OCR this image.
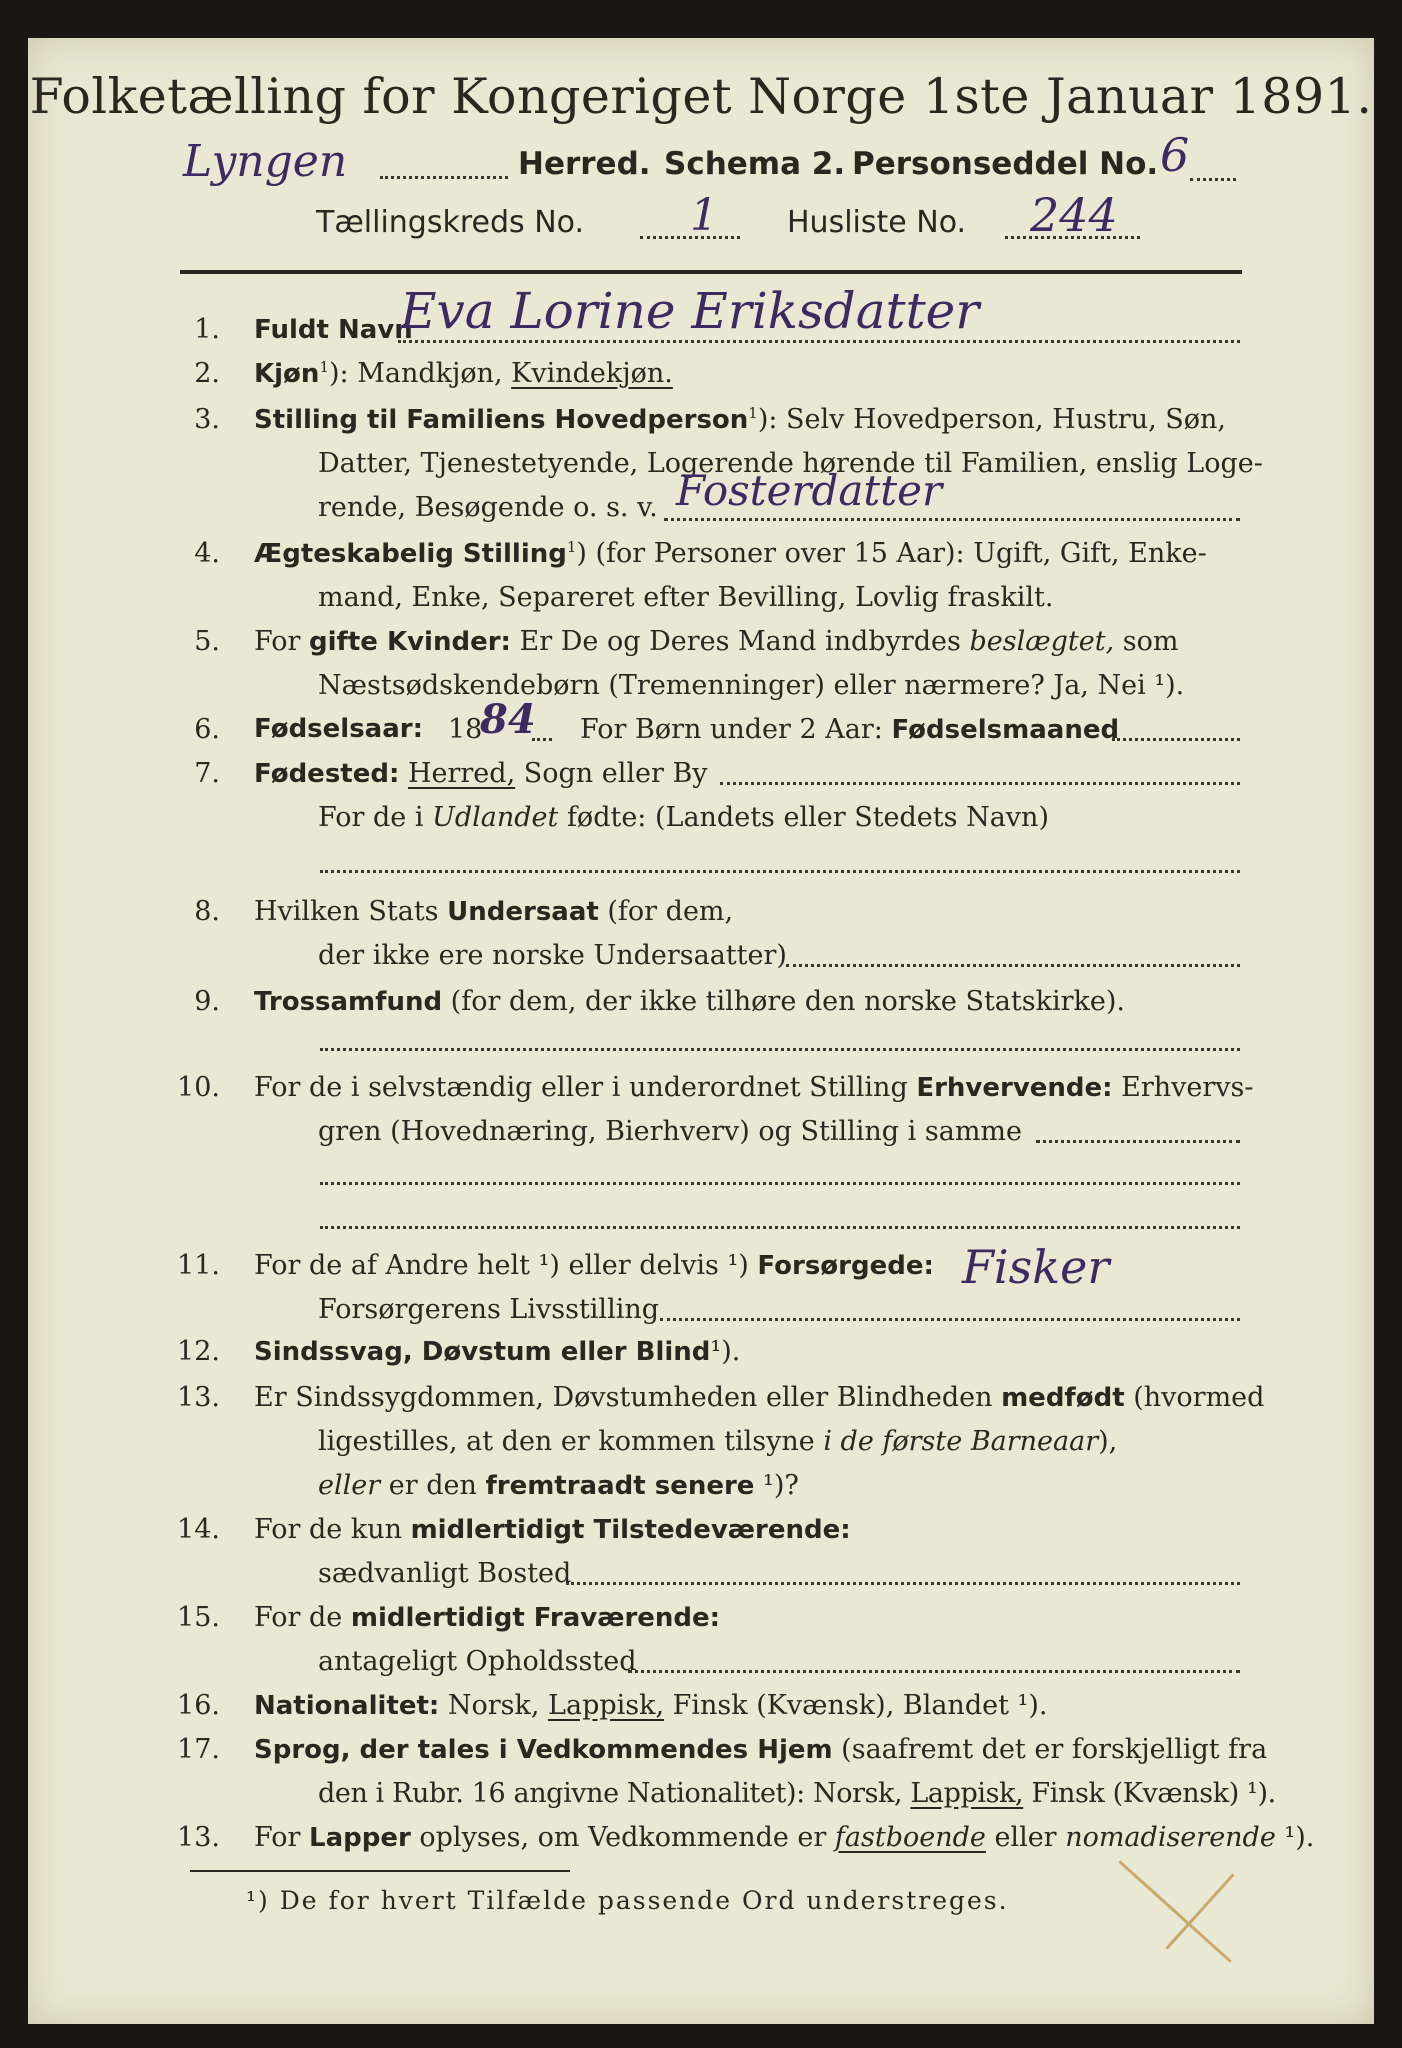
Folketælling for Kongeriget Norge 1ste Januar 1891.
Lyngen	Herred. Schema 2. Personseddel No. 6
Tællingskreds No. 1 Husliste No. 244
1. Fuldt Navn
Eva Lorine Eriksdatter
2. Kjøn$^1$): Mandkjøn, Kvindekjøn.
3. Stilling til Familiens Hovedperson$^1$): Selv Hovedperson, Hustru, Søn,
Datter, Tjenestetyende, Logerende hørende til Familien, enslig Loge-
rende, Besøgende o. s. v. Fosterdatter
4. Ægteskabelig Stilling$^1$) (for Personer over 15 Aar): Ugift, Gift, Enke-
mand, Enke, Separeret efter Bevilling, Lovlig fraskilt.
5. For gifte Kvinder: Er De og Deres Mand indbyrdes beslægtet, som
Næstsødskendebørn (Tremenninger) eller nærmere? Ja, Nei ¹).
6. Fødselsaar: 18
84 For Børn under 2 Aar: Fødselsmaaned
7. Fødested: Herred, Sogn eller By
For de i Udlandet fødte: (Landets eller Stedets Navn)
8. Hvilken Stats Undersaat (for dem,
der ikke ere norske Undersaatter)
9. Trossamfund (for dem, der ikke tilhøre den norske Statskirke).
10. For de i selvstændig eller i underordnet Stilling Erhvervende: Erhvervs-
gren (Hovednæring, Bierhverv) og Stilling i samme
11. For de af Andre helt ¹) eller delvis ¹) Forsørgede:
Forsørgerens Livsstilling
Fisker
12. Sindssvag, Døvstum eller Blind¹).
13. Er Sindssygdommen, Døvstumheden eller Blindheden medfødt (hvormed
ligestilles, at den er kommen tilsyne i de første Barneaar),
eller er den fremtraadt senere ¹)?
14. For de kun midlertidigt Tilstedeværende:
sædvanligt Bosted
15. For de midlertidigt Fraværende:
antageligt Opholdssted
16. Nationalitet: Norsk, Lappisk, Finsk (Kvænsk), Blandet ¹).
17. Sprog, der tales i Vedkommendes Hjem (saafremt det er forskjelligt fra
den i Rubr. 16 angivne Nationalitet): Norsk, Lappisk, Finsk (Kvænsk) ¹).
13. For Lapper oplyses, om Vedkommende er fastboende eller nomadiserende ¹).
¹) De for hvert Tilfælde passende Ord understreges.
